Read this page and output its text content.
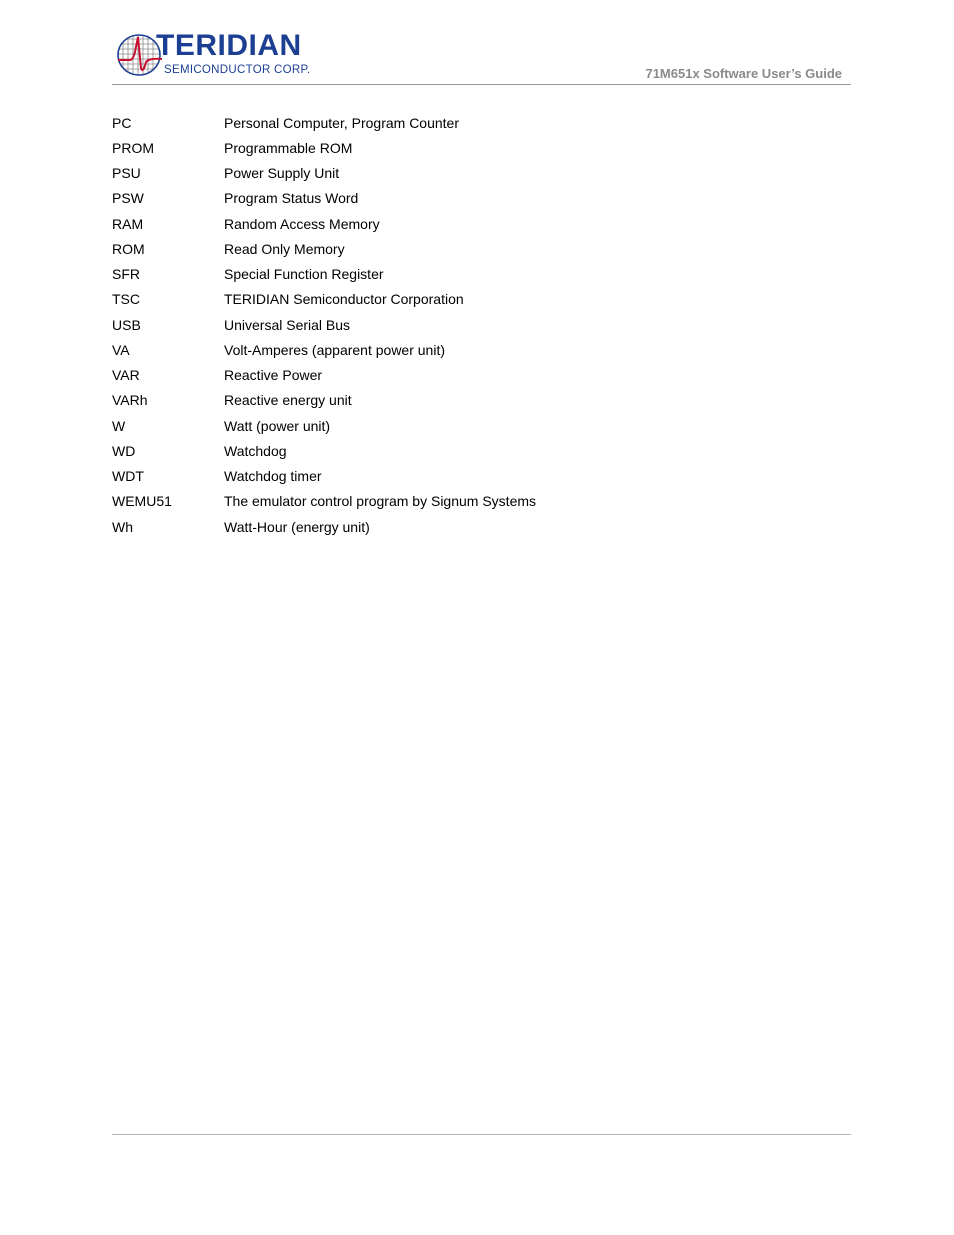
TERIDIAN
SEMICONDUCTOR CORP.	71M651x Software User’s Guide
PC	Personal Computer, Program Counter
PROM	Programmable ROM
PSU	Power Supply Unit
PSW	Program Status Word
RAM	Random Access Memory
ROM	Read Only Memory
SFR	Special Function Register
TSC	TERIDIAN Semiconductor Corporation
USB	Universal Serial Bus
VA	Volt-Amperes (apparent power unit)
VAR	Reactive Power
VARh	Reactive energy unit
W	Watt (power unit)
WD	Watchdog
WDT	Watchdog timer
WEMU51	The emulator control program by Signum Systems
Wh	Watt-Hour (energy unit)
